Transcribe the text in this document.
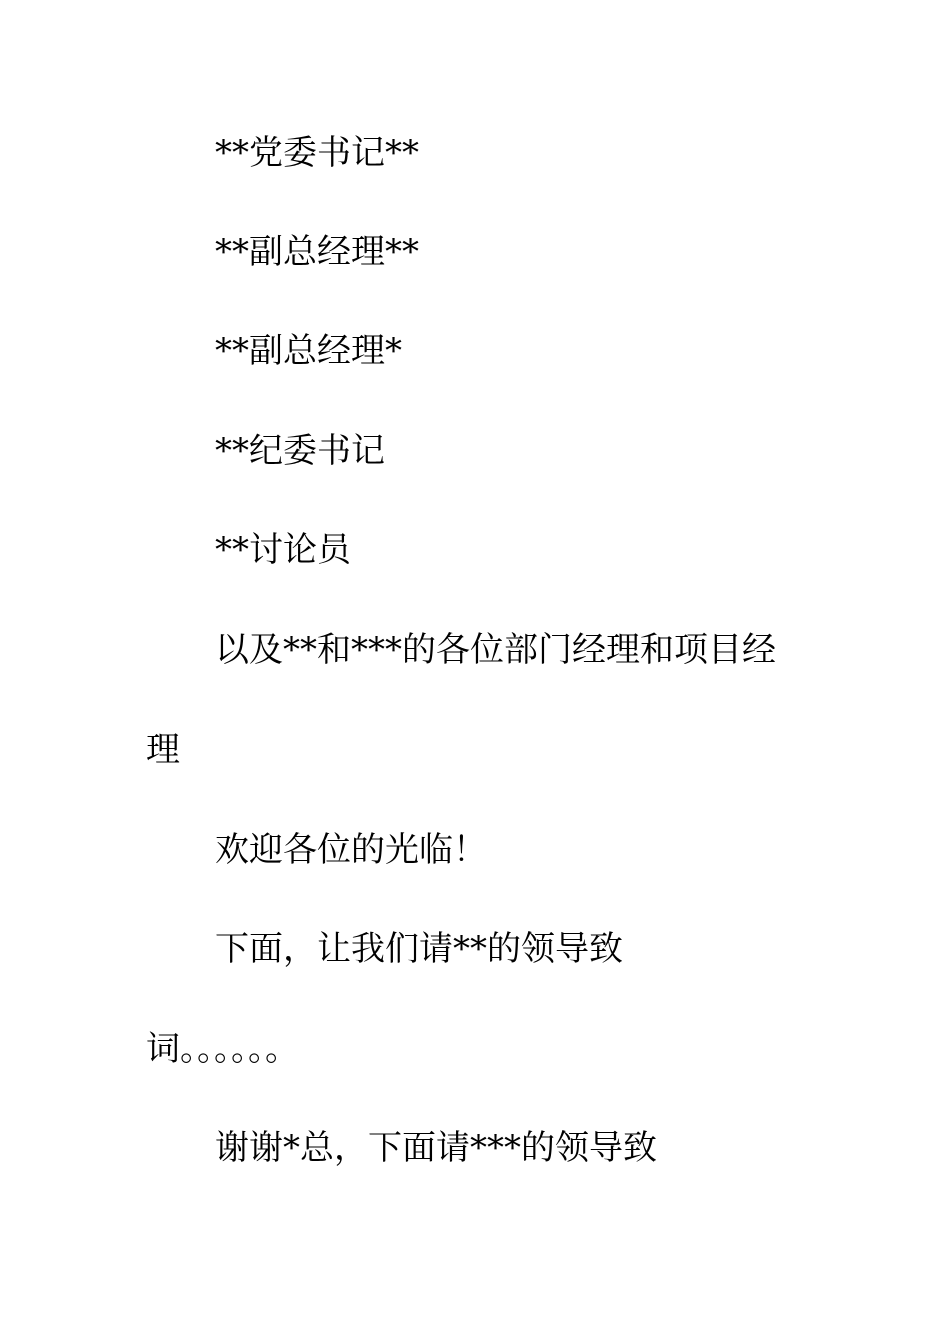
**党委书记**
**副总经理**
**副总经理*
**纪委书记
**讨论员
以及**和***的各位部门经理和项目经
理
欢迎各位的光临！
下面，让我们请**的领导致
词。。。。。。
谢谢*总，下面请***的领导致
